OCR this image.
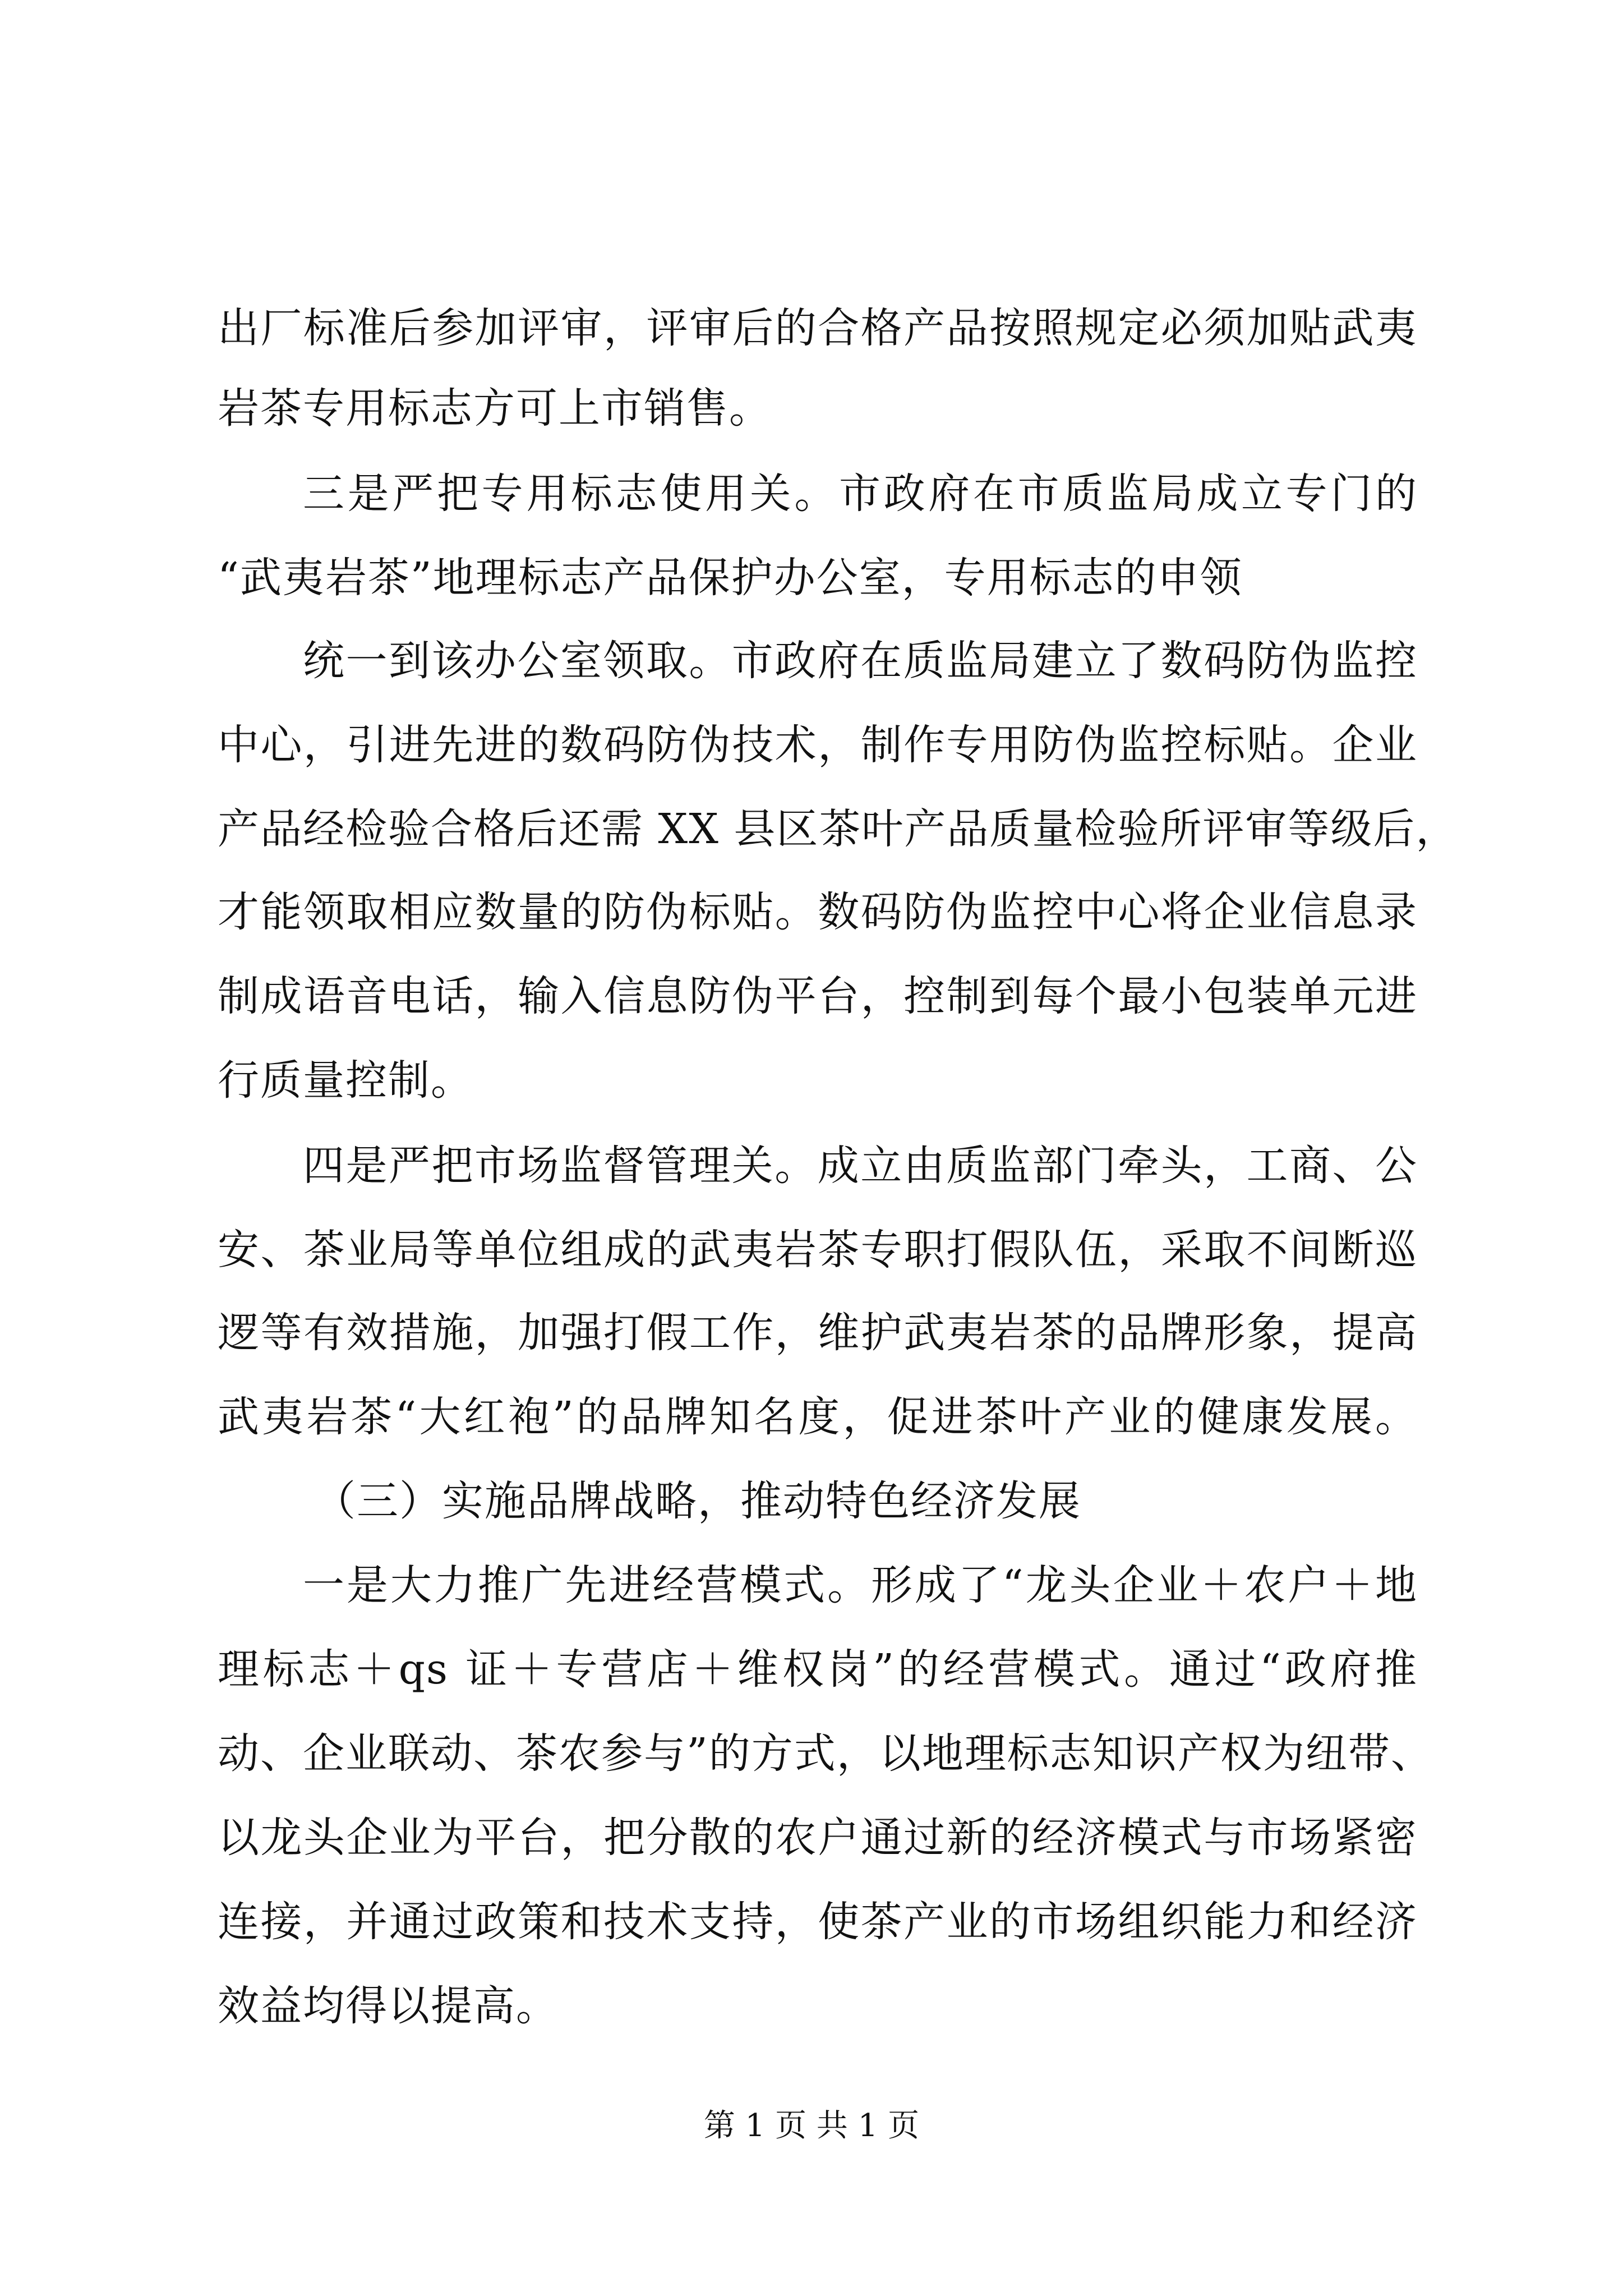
出厂标准后参加评审，评审后的合格产品按照规定必须加贴武夷
岩茶专用标志方可上市销售。
三是严把专用标志使用关。市政府在市质监局成立专门的
“武夷岩茶”地理标志产品保护办公室，专用标志的申领
统一到该办公室领取。市政府在质监局建立了数码防伪监控
中心，引进先进的数码防伪技术，制作专用防伪监控标贴。企业
产品经检验合格后还需 XX 县区茶叶产品质量检验所评审等级后，
才能领取相应数量的防伪标贴。数码防伪监控中心将企业信息录
制成语音电话，输入信息防伪平台，控制到每个最小包装单元进
行质量控制。
四是严把市场监督管理关。成立由质监部门牵头，工商、公
安、茶业局等单位组成的武夷岩茶专职打假队伍，采取不间断巡
逻等有效措施，加强打假工作，维护武夷岩茶的品牌形象，提高
武夷岩茶“大红袍”的品牌知名度，促进茶叶产业的健康发展。
（三）实施品牌战略，推动特色经济发展
一是大力推广先进经营模式。形成了“龙头企业＋农户＋地
理标志＋qs 证＋专营店＋维权岗”的经营模式。通过“政府推
动、企业联动、茶农参与”的方式，以地理标志知识产权为纽带、
以龙头企业为平台，把分散的农户通过新的经济模式与市场紧密
连接，并通过政策和技术支持，使茶产业的市场组织能力和经济
效益均得以提高。
第 1 页 共 1 页
